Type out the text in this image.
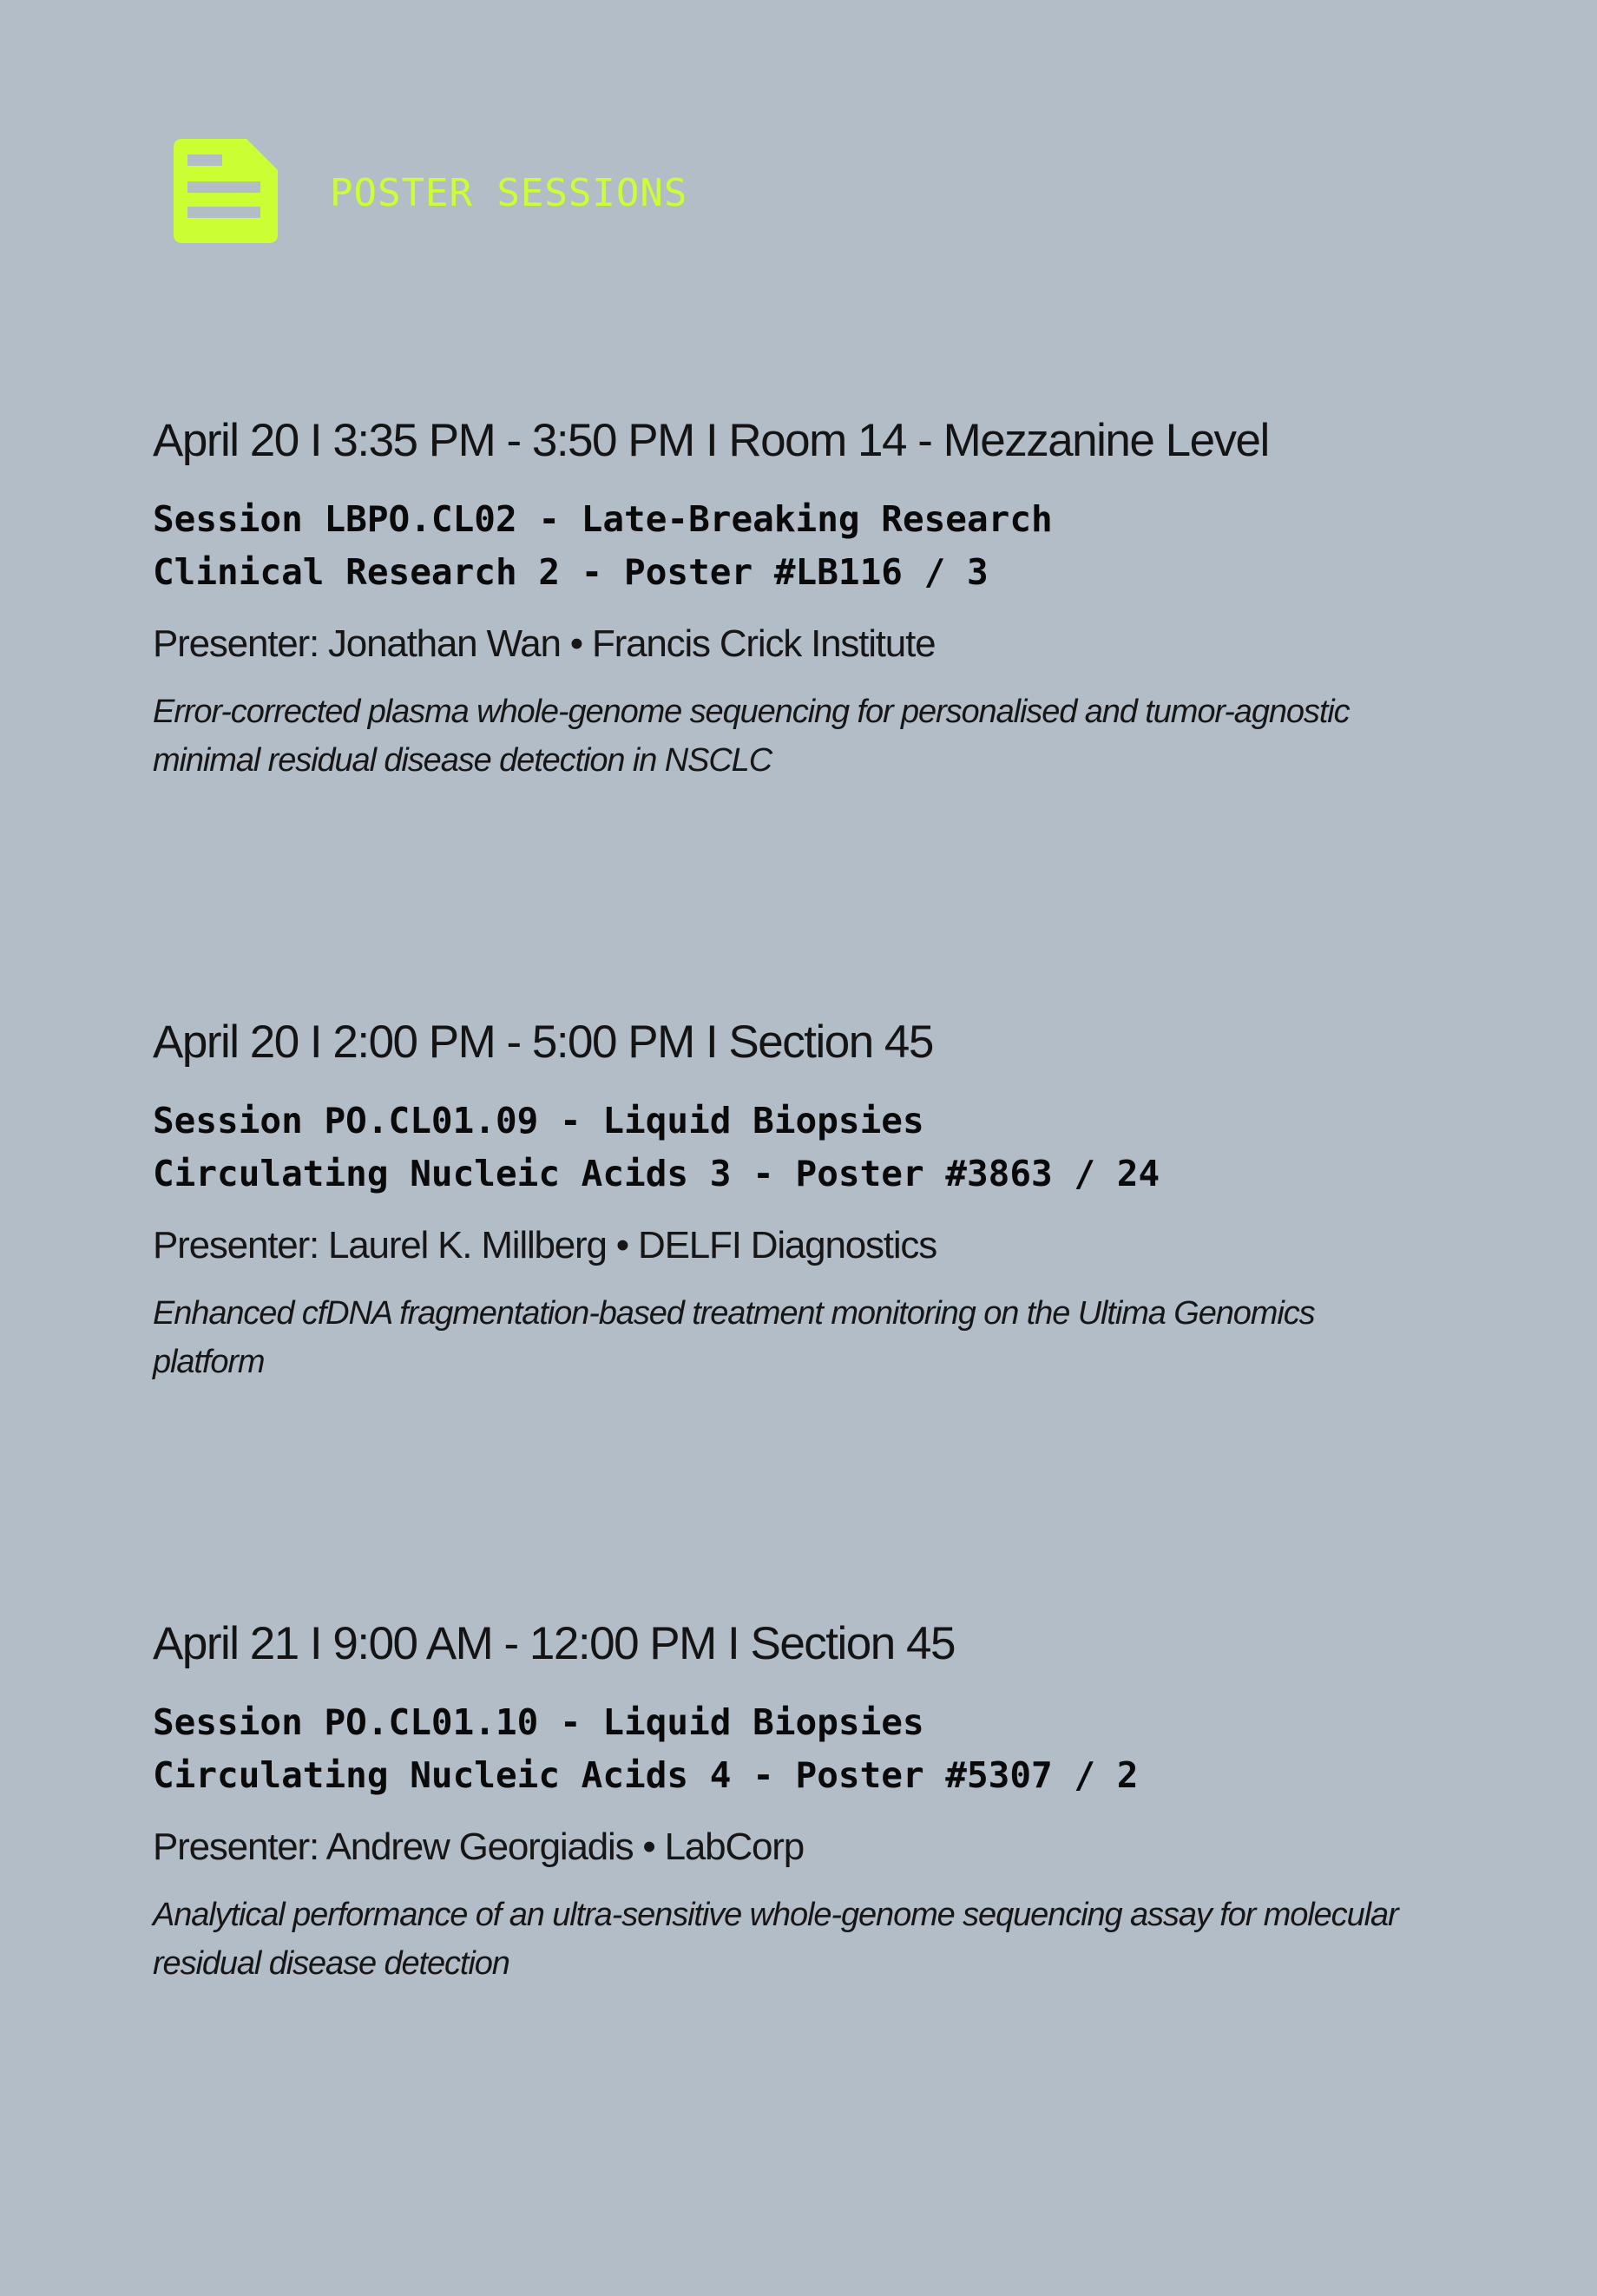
POSTER SESSIONS
April 20 I 3:35 PM - 3:50 PM I Room 14 - Mezzanine Level
Session LBPO.CL02 - Late-Breaking Research
Clinical Research 2 - Poster #LB116 / 3
Presenter: Jonathan Wan • Francis Crick Institute
Error-corrected plasma whole-genome sequencing for personalised and tumor-agnostic minimal residual disease detection in NSCLC
April 20 I 2:00 PM - 5:00 PM I Section 45
Session PO.CL01.09 - Liquid Biopsies
Circulating Nucleic Acids 3 - Poster #3863 / 24
Presenter: Laurel K. Millberg • DELFI Diagnostics
Enhanced cfDNA fragmentation-based treatment monitoring on the Ultima Genomics platform
April 21 I 9:00 AM - 12:00 PM I Section 45
Session PO.CL01.10 - Liquid Biopsies
Circulating Nucleic Acids 4 - Poster #5307 / 2
Presenter: Andrew Georgiadis • LabCorp
Analytical performance of an ultra-sensitive whole-genome sequencing assay for molecular residual disease detection
